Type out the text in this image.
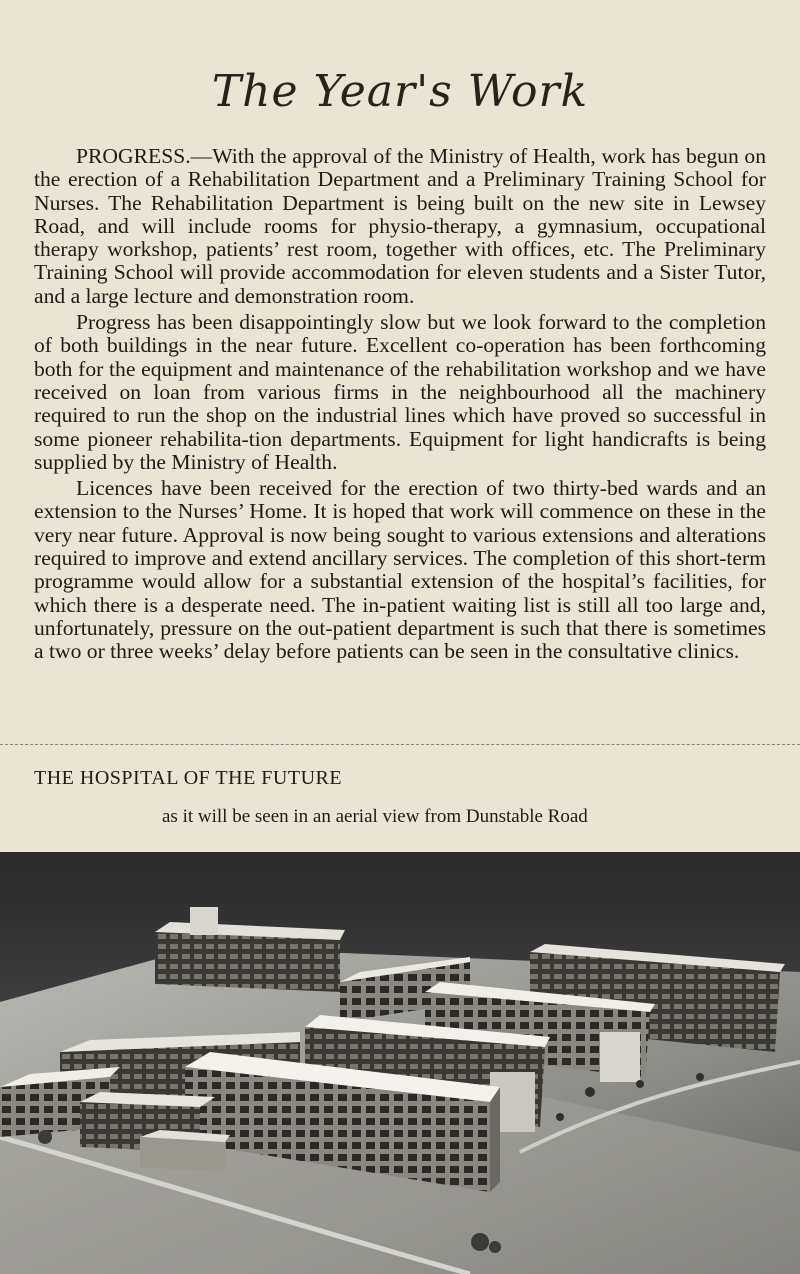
The Year's Work

PROGRESS.—With the approval of the Ministry of Health, work has begun on the erection of a Rehabilitation Department and a Preliminary Training School for Nurses. The Rehabilitation Department is being built on the new site in Lewsey Road, and will include rooms for physio-therapy, a gymnasium, occupational therapy workshop, patients’ rest room, together with offices, etc. The Preliminary Training School will provide accommodation for eleven students and a Sister Tutor, and a large lecture and demonstration room.

Progress has been disappointingly slow but we look forward to the completion of both buildings in the near future. Excellent co-operation has been forthcoming both for the equipment and maintenance of the rehabilitation workshop and we have received on loan from various firms in the neighbourhood all the machinery required to run the shop on the industrial lines which have proved so successful in some pioneer rehabilita-tion departments. Equipment for light handicrafts is being supplied by the Ministry of Health.

Licences have been received for the erection of two thirty-bed wards and an extension to the Nurses’ Home. It is hoped that work will commence on these in the very near future. Approval is now being sought to various extensions and alterations required to improve and extend ancillary services. The completion of this short-term programme would allow for a substantial extension of the hospital’s facilities, for which there is a desperate need. The in-patient waiting list is still all too large and, unfortunately, pressure on the out-patient department is such that there is sometimes a two or three weeks’ delay before patients can be seen in the consultative clinics.

THE HOSPITAL OF THE FUTURE
as it will be seen in an aerial view from Dunstable Road
